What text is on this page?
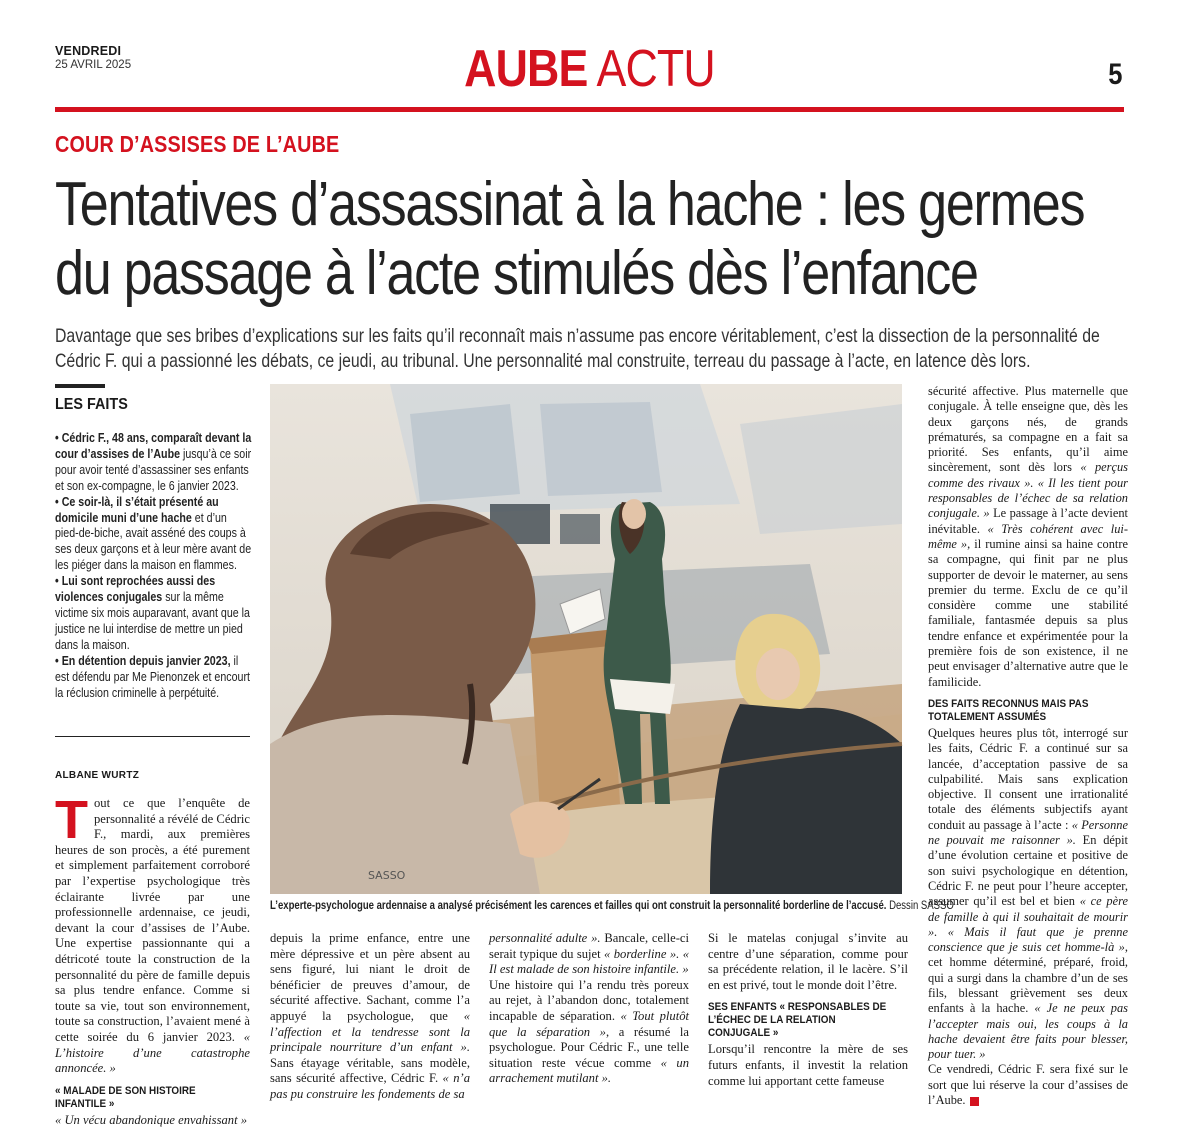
VENDREDI
25 AVRIL 2025	AUBE ACTU	5
COUR D’ASSISES DE L’AUBE
Tentatives d’assassinat à la hache : les germes
du passage à l’acte stimulés dès l’enfance

Davantage que ses bribes d’explications sur les faits qu’il reconnaît mais n’assume pas encore véritablement, c’est la dissection de la personnalité de Cédric F. qui a passionné les débats, ce jeudi, au tribunal. Une personnalité mal construite, terreau du passage à l’acte, en latence dès lors.

LES FAITS

• Cédric F., 48 ans, comparaît devant la cour d’assises de l’Aube jusqu’à ce soir pour avoir tenté d’assassiner ses enfants et son ex-compagne, le 6 janvier 2023.

• Ce soir-là, il s’était présenté au domicile muni d’une hache et d’un pied-de-biche, avait asséné des coups à ses deux garçons et à leur mère avant de les piéger dans la maison en flammes.

• Lui sont reprochées aussi des violences conjugales sur la même victime six mois auparavant, avant que la justice ne lui interdise de mettre un pied dans la maison.

• En détention depuis janvier 2023, il est défendu par Me Pienonzek et encourt la réclusion criminelle à perpétuité.

ALBANE WURTZ

Tout ce que l’enquête de personnalité a révélé de Cédric F., mardi, aux premières heures de son procès, a été purement et simplement parfaitement corroboré par l’expertise psychologique très éclairante livrée par une professionnelle ardennaise, ce jeudi, devant la cour d’assises de l’Aube. Une expertise passionnante qui a détricoté toute la construction de la personnalité du père de famille depuis sa plus tendre enfance. Comme si toute sa vie, tout son environnement, toute sa construction, l’avaient mené à cette soirée du 6 janvier 2023. « L’histoire d’une catastrophe annoncée. »

« MALADE DE SON HISTOIRE INFANTILE »

« Un vécu abandonique envahissant »

SASSO
L’experte-psychologue ardennaise a analysé précisément les carences et failles qui ont construit la personnalité borderline de l’accusé. Dessin SASSO

depuis la prime enfance, entre une mère dépressive et un père absent au sens figuré, lui niant le droit de bénéficier de preuves d’amour, de sécurité affective. Sachant, comme l’a appuyé la psychologue, que « l’affection et la tendresse sont la principale nourriture d’un enfant ». Sans étayage véritable, sans modèle, sans sécurité affective, Cédric F. « n’a pas pu construire les fondements de sa

personnalité adulte ». Bancale, celle-ci serait typique du sujet « borderline ». « Il est malade de son histoire infantile. »

Une histoire qui l’a rendu très poreux au rejet, à l’abandon donc, totalement incapable de séparation. « Tout plutôt que la séparation », a résumé la psychologue. Pour Cédric F., une telle situation reste vécue comme « un arrachement mutilant ».

Si le matelas conjugal s’invite au centre d’une séparation, comme pour sa précédente relation, il le lacère. S’il en est privé, tout le monde doit l’être.

SES ENFANTS « RESPONSABLES DE L’ÉCHEC DE LA RELATION CONJUGALE »

Lorsqu’il rencontre la mère de ses futurs enfants, il investit la relation comme lui apportant cette fameuse

sécurité affective. Plus maternelle que conjugale. À telle enseigne que, dès les deux garçons nés, de grands prématurés, sa compagne en a fait sa priorité. Ses enfants, qu’il aime sincèrement, sont dès lors « perçus comme des rivaux ». « Il les tient pour responsables de l’échec de sa relation conjugale. » Le passage à l’acte devient inévitable. « Très cohérent avec lui-même », il rumine ainsi sa haine contre sa compagne, qui finit par ne plus supporter de devoir le materner, au sens premier du terme. Exclu de ce qu’il considère comme une stabilité familiale, fantasmée depuis sa plus tendre enfance et expérimentée pour la première fois de son existence, il ne peut envisager d’alternative autre que le familicide.

DES FAITS RECONNUS MAIS PAS TOTALEMENT ASSUMÉS

Quelques heures plus tôt, interrogé sur les faits, Cédric F. a continué sur sa lancée, d’acceptation passive de sa culpabilité. Mais sans explication objective. Il consent une irrationalité totale des éléments subjectifs ayant conduit au passage à l’acte : « Personne ne pouvait me raisonner ». En dépit d’une évolution certaine et positive de son suivi psychologique en détention, Cédric F. ne peut pour l’heure accepter, assumer qu’il est bel et bien « ce père de famille à qui il souhaitait de mourir ». « Mais il faut que je prenne conscience que je suis cet homme-là », cet homme déterminé, préparé, froid, qui a surgi dans la chambre d’un de ses fils, blessant grièvement ses deux enfants à la hache. « Je ne peux pas l’accepter mais oui, les coups à la hache devaient être faits pour blesser, pour tuer. »

Ce vendredi, Cédric F. sera fixé sur le sort que lui réserve la cour d’assises de l’Aube.
